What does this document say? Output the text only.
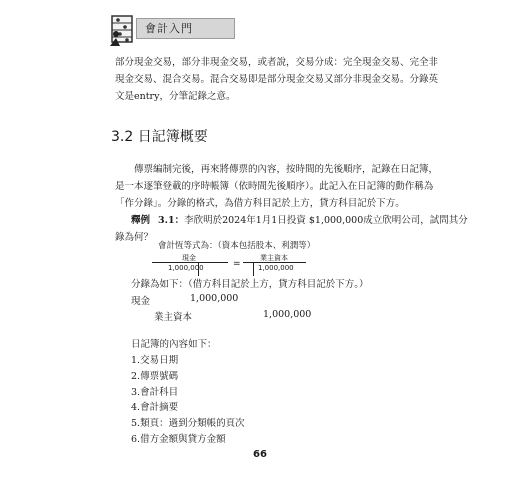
會計入門
部分現金交易，部分非現金交易，或者說，交易分成：完全現金交易、完全非
現金交易、混合交易。混合交易即是部分現金交易又部分非現金交易。分錄英
文是entry，分筆記錄之意。
3.2 日記簿概要
傳票編制完後，再來將傳票的內容，按時間的先後順序，記錄在日記簿，
是一本逐筆登載的序時帳簿（依時間先後順序）。此記入在日記簿的動作稱為
「作分錄」。分錄的格式，為借方科目記於上方，貸方科目記於下方。
釋例 3.1：李欣明於2024年1月1日投資 $1,000,000成立欣明公司，試問其分
錄為何？
會計恆等式為：（資本包括股本、利潤等）
現金
1,000,000	=
業主資本
1,000,000
分錄為如下：（借方科目記於上方，貸方科目記於下方。）
現金	1,000,000
業主資本	1,000,000
日記簿的內容如下：
1.交易日期
2.傳票號碼
3.會計科目
4.會計摘要
5.類頁：過到分類帳的頁次
6.借方金額與貸方金額
66
